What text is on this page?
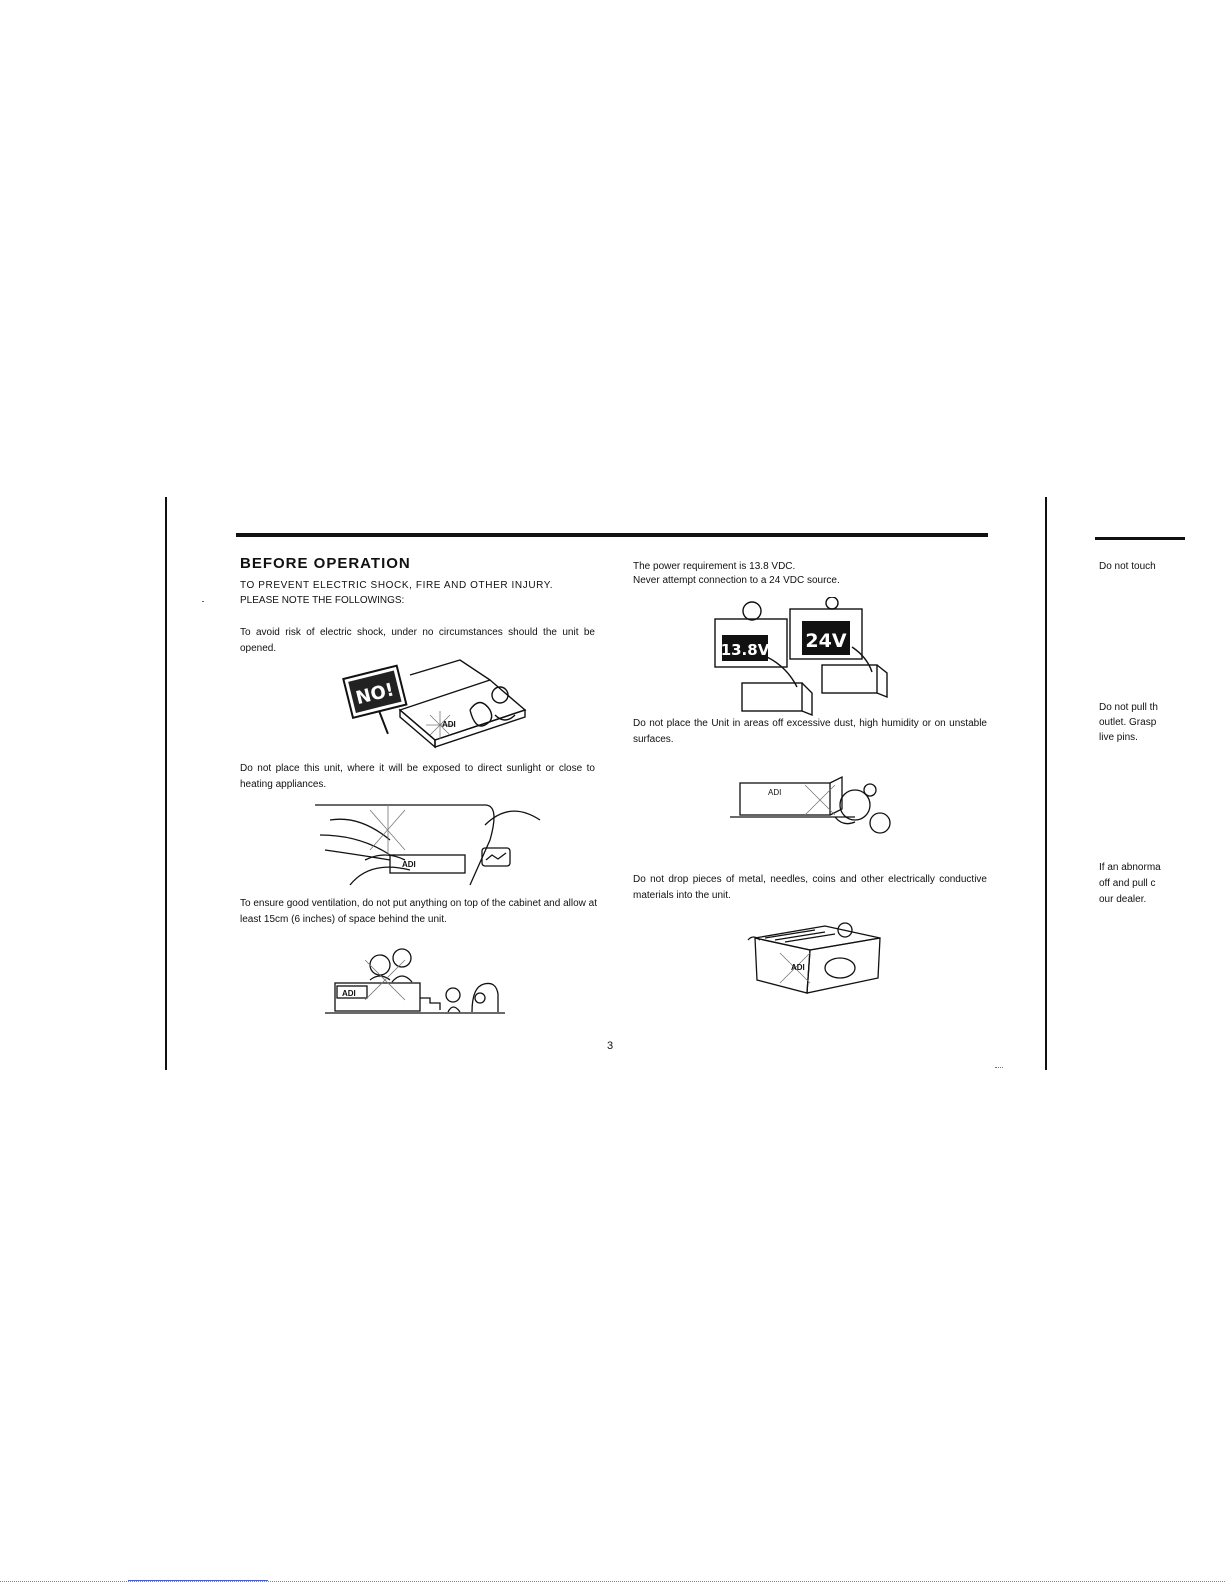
BEFORE OPERATION
TO PREVENT ELECTRIC SHOCK, FIRE AND OTHER INJURY.
PLEASE NOTE THE FOLLOWINGS:
To avoid risk of electric shock, under no circumstances should the unit be opened.
NO!
ADI
Do not place this unit, where it will be exposed to direct sunlight or close to heating appliances.
ADI
To ensure good ventilation, do not put anything on top of the cabinet and allow at least 15cm (6 inches) of space behind the unit.
ADI
3
The power requirement is 13.8 VDC.
Never attempt connection to a 24 VDC source.
13.8V 24V
Do not place the Unit in areas off excessive dust, high humidity or on unstable surfaces.
ADI
Do not drop pieces of metal, needles, coins and other electrically conductive materials into the unit.
ADI
Do not touch
Do not pull th
outlet. Grasp
live pins.
If an abnorma
off and pull c
our dealer.
